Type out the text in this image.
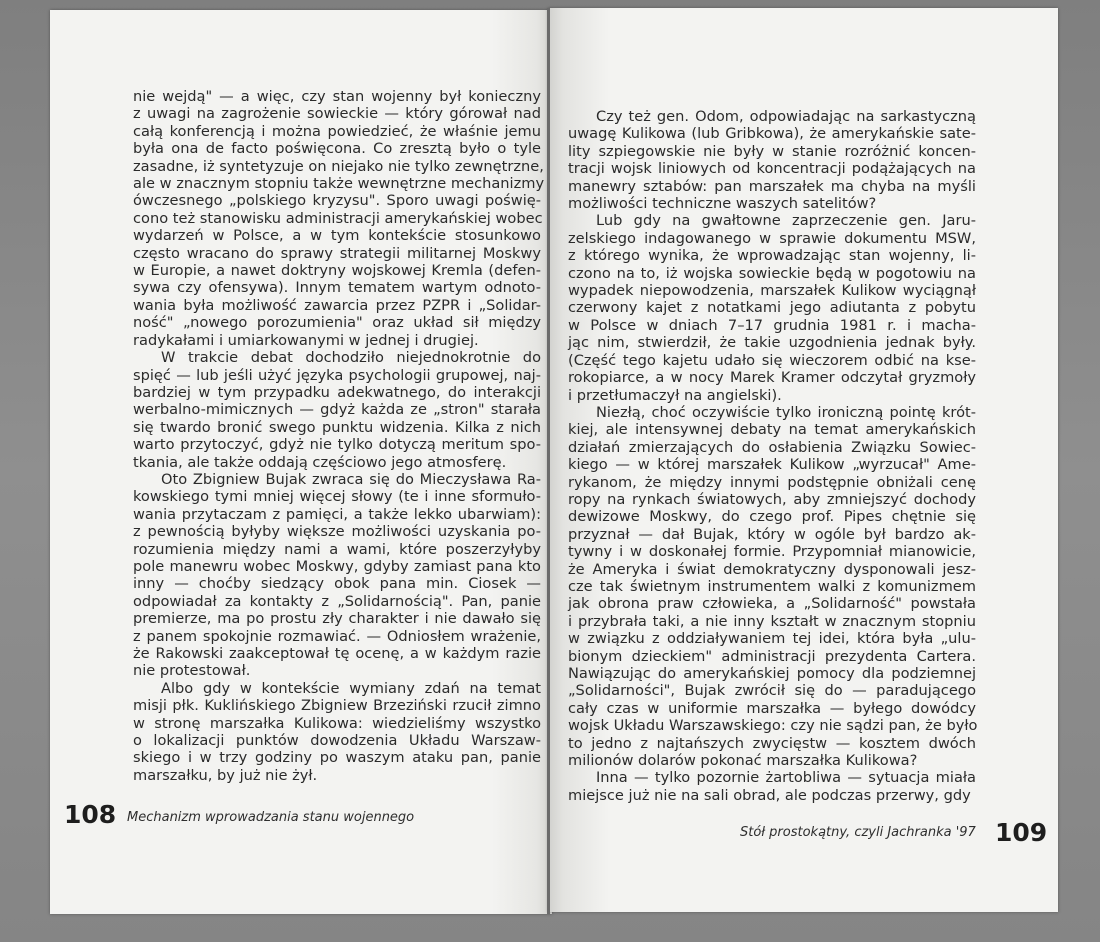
nie wejdą" — a więc, czy stan wojenny był konieczny
z uwagi na zagrożenie sowieckie — który górował nad
całą konferencją i można powiedzieć, że właśnie jemu
była ona de facto poświęcona. Co zresztą było o tyle
zasadne, iż syntetyzuje on niejako nie tylko zewnętrzne,
ale w znacznym stopniu także wewnętrzne mechanizmy
ówczesnego „polskiego kryzysu". Sporo uwagi poświę-
cono też stanowisku administracji amerykańskiej wobec
wydarzeń w Polsce, a w tym kontekście stosunkowo
często wracano do sprawy strategii militarnej Moskwy
w Europie, a nawet doktryny wojskowej Kremla (defen-
sywa czy ofensywa). Innym tematem wartym odnoto-
wania była możliwość zawarcia przez PZPR i „Solidar-
ność" „nowego porozumienia" oraz układ sił między
radykałami i umiarkowanymi w jednej i drugiej.
W trakcie debat dochodziło niejednokrotnie do
spięć — lub jeśli użyć języka psychologii grupowej, naj-
bardziej w tym przypadku adekwatnego, do interakcji
werbalno-mimicznych — gdyż każda ze „stron" starała
się twardo bronić swego punktu widzenia. Kilka z nich
warto przytoczyć, gdyż nie tylko dotyczą meritum spo-
tkania, ale także oddają częściowo jego atmosferę.
Oto Zbigniew Bujak zwraca się do Mieczysława Ra-
kowskiego tymi mniej więcej słowy (te i inne sformuło-
wania przytaczam z pamięci, a także lekko ubarwiam):
z pewnością byłyby większe możliwości uzyskania po-
rozumienia między nami a wami, które poszerzyłyby
pole manewru wobec Moskwy, gdyby zamiast pana kto
inny — choćby siedzący obok pana min. Ciosek —
odpowiadał za kontakty z „Solidarnością". Pan, panie
premierze, ma po prostu zły charakter i nie dawało się
z panem spokojnie rozmawiać. — Odniosłem wrażenie,
że Rakowski zaakceptował tę ocenę, a w każdym razie
nie protestował.
Albo gdy w kontekście wymiany zdań na temat
misji płk. Kuklińskiego Zbigniew Brzeziński rzucił zimno
w stronę marszałka Kulikowa: wiedzieliśmy wszystko
o lokalizacji punktów dowodzenia Układu Warszaw-
skiego i w trzy godziny po waszym ataku pan, panie
marszałku, by już nie żył.
Czy też gen. Odom, odpowiadając na sarkastyczną
uwagę Kulikowa (lub Gribkowa), że amerykańskie sate-
lity szpiegowskie nie były w stanie rozróżnić koncen-
tracji wojsk liniowych od koncentracji podążających na
manewry sztabów: pan marszałek ma chyba na myśli
możliwości techniczne waszych satelitów?
Lub gdy na gwałtowne zaprzeczenie gen. Jaru-
zelskiego indagowanego w sprawie dokumentu MSW,
z którego wynika, że wprowadzając stan wojenny, li-
czono na to, iż wojska sowieckie będą w pogotowiu na
wypadek niepowodzenia, marszałek Kulikow wyciągnął
czerwony kajet z notatkami jego adiutanta z pobytu
w Polsce w dniach 7–17 grudnia 1981 r. i macha-
jąc nim, stwierdził, że takie uzgodnienia jednak były.
(Część tego kajetu udało się wieczorem odbić na kse-
rokopiarce, a w nocy Marek Kramer odczytał gryzmoły
i przetłumaczył na angielski).
Niezłą, choć oczywiście tylko ironiczną pointę krót-
kiej, ale intensywnej debaty na temat amerykańskich
działań zmierzających do osłabienia Związku Sowiec-
kiego — w której marszałek Kulikow „wyrzucał" Ame-
rykanom, że między innymi podstępnie obniżali cenę
ropy na rynkach światowych, aby zmniejszyć dochody
dewizowe Moskwy, do czego prof. Pipes chętnie się
przyznał — dał Bujak, który w ogóle był bardzo ak-
tywny i w doskonałej formie. Przypomniał mianowicie,
że Ameryka i świat demokratyczny dysponowali jesz-
cze tak świetnym instrumentem walki z komunizmem
jak obrona praw człowieka, a „Solidarność" powstała
i przybrała taki, a nie inny kształt w znacznym stopniu
w związku z oddziaływaniem tej idei, która była „ulu-
bionym dzieckiem" administracji prezydenta Cartera.
Nawiązując do amerykańskiej pomocy dla podziemnej
„Solidarności", Bujak zwrócił się do — paradującego
cały czas w uniformie marszałka — byłego dowódcy
wojsk Układu Warszawskiego: czy nie sądzi pan, że było
to jedno z najtańszych zwycięstw — kosztem dwóch
milionów dolarów pokonać marszałka Kulikowa?
Inna — tylko pozornie żartobliwa — sytuacja miała
miejsce już nie na sali obrad, ale podczas przerwy, gdy
108 Mechanizm wprowadzania stanu wojennego
Stół prostokątny, czyli Jachranka '97 109
